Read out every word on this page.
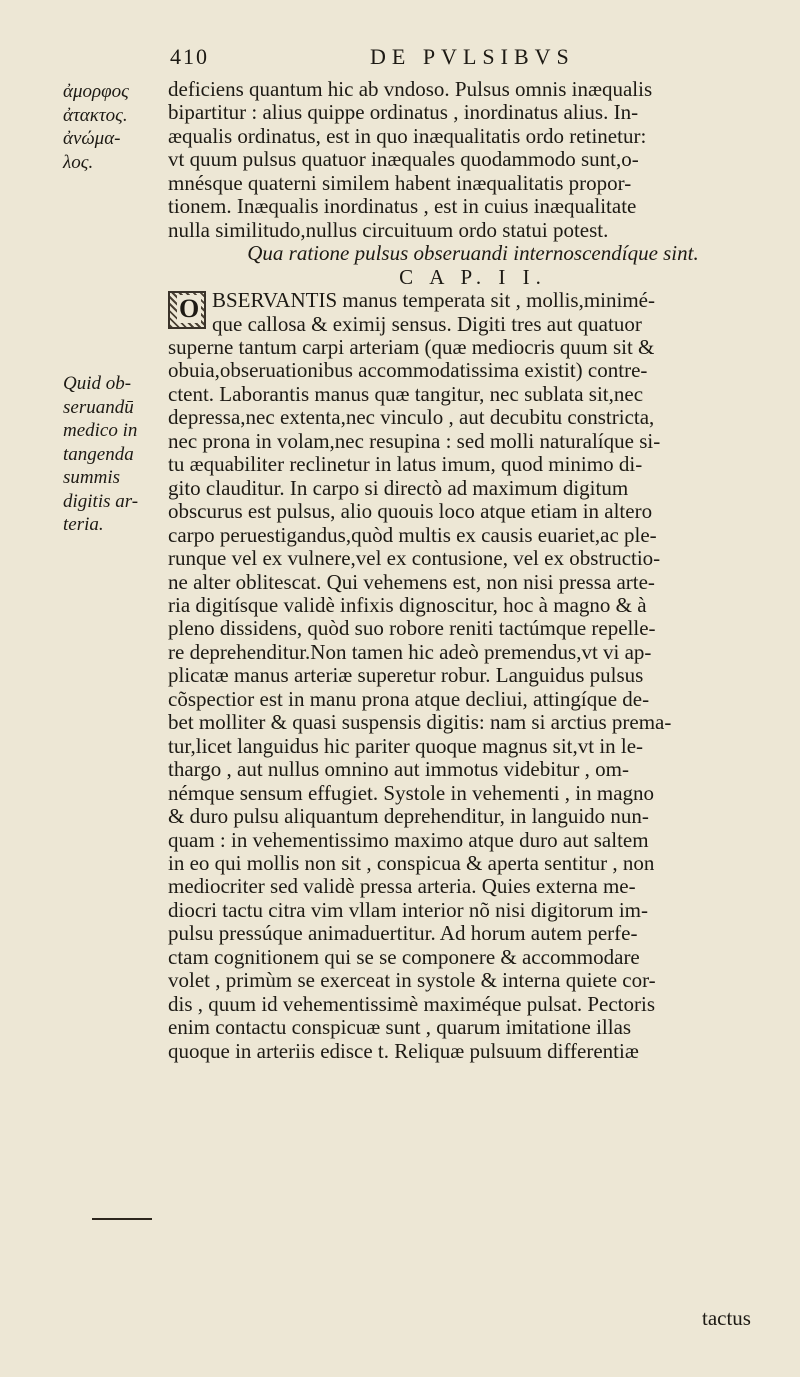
410	DE PVLSIBVS
ἀμορφος
ἀτακτος.
ἀνώμα-
λος.
Quid ob-
seruandū
medico in
tangenda
summis
digitis ar-
teria.
deficiens quantum hic ab vndoso. Pulsus omnis inæqualis
bipartitur : alius quippe ordinatus , inordinatus alius. In-
æqualis ordinatus, est in quo inæqualitatis ordo retinetur:
vt quum pulsus quatuor inæquales quodammodo sunt,o-
mnésque quaterni similem habent inæqualitatis propor-
tionem. Inæqualis inordinatus , est in cuius inæqualitate
nulla similitudo,nullus circuituum ordo statui potest.
Qua ratione pulsus obseruandi internoscendíque sint.
C A P. I I.
O BSERVANTIS manus temperata sit , mollis,minimé-
que callosa & eximij sensus. Digiti tres aut quatuor
superne tantum carpi arteriam (quæ mediocris quum sit &
obuia,obseruationibus accommodatissima existit) contre-
ctent. Laborantis manus quæ tangitur, nec sublata sit,nec
depressa,nec extenta,nec vinculo , aut decubitu constricta,
nec prona in volam,nec resupina : sed molli naturalíque si-
tu æquabiliter reclinetur in latus imum, quod minimo di-
gito clauditur. In carpo si directò ad maximum digitum
obscurus est pulsus, alio quouis loco atque etiam in altero
carpo peruestigandus,quòd multis ex causis euariet,ac ple-
runque vel ex vulnere,vel ex contusione, vel ex obstructio-
ne alter oblitescat. Qui vehemens est, non nisi pressa arte-
ria digitísque validè infixis dignoscitur, hoc à magno & à
pleno dissidens, quòd suo robore reniti tactúmque repelle-
re deprehenditur.Non tamen hic adeò premendus,vt vi ap-
plicatæ manus arteriæ superetur robur. Languidus pulsus
cõspectior est in manu prona atque decliui, attingíque de-
bet molliter & quasi suspensis digitis: nam si arctius prema-
tur,licet languidus hic pariter quoque magnus sit,vt in le-
thargo , aut nullus omnino aut immotus videbitur , om-
némque sensum effugiet. Systole in vehementi , in magno
& duro pulsu aliquantum deprehenditur, in languido nun-
quam : in vehementissimo maximo atque duro aut saltem
in eo qui mollis non sit , conspicua & aperta sentitur , non
mediocriter sed validè pressa arteria. Quies externa me-
diocri tactu citra vim vllam interior nõ nisi digitorum im-
pulsu pressúque animaduertitur. Ad horum autem perfe-
ctam cognitionem qui se se componere & accommodare
volet , primùm se exerceat in systole & interna quiete cor-
dis , quum id vehementissimè maximéque pulsat. Pectoris
enim contactu conspicuæ sunt , quarum imitatione illas
quoque in arteriis edisce t. Reliquæ pulsuum differentiæ
tactus
